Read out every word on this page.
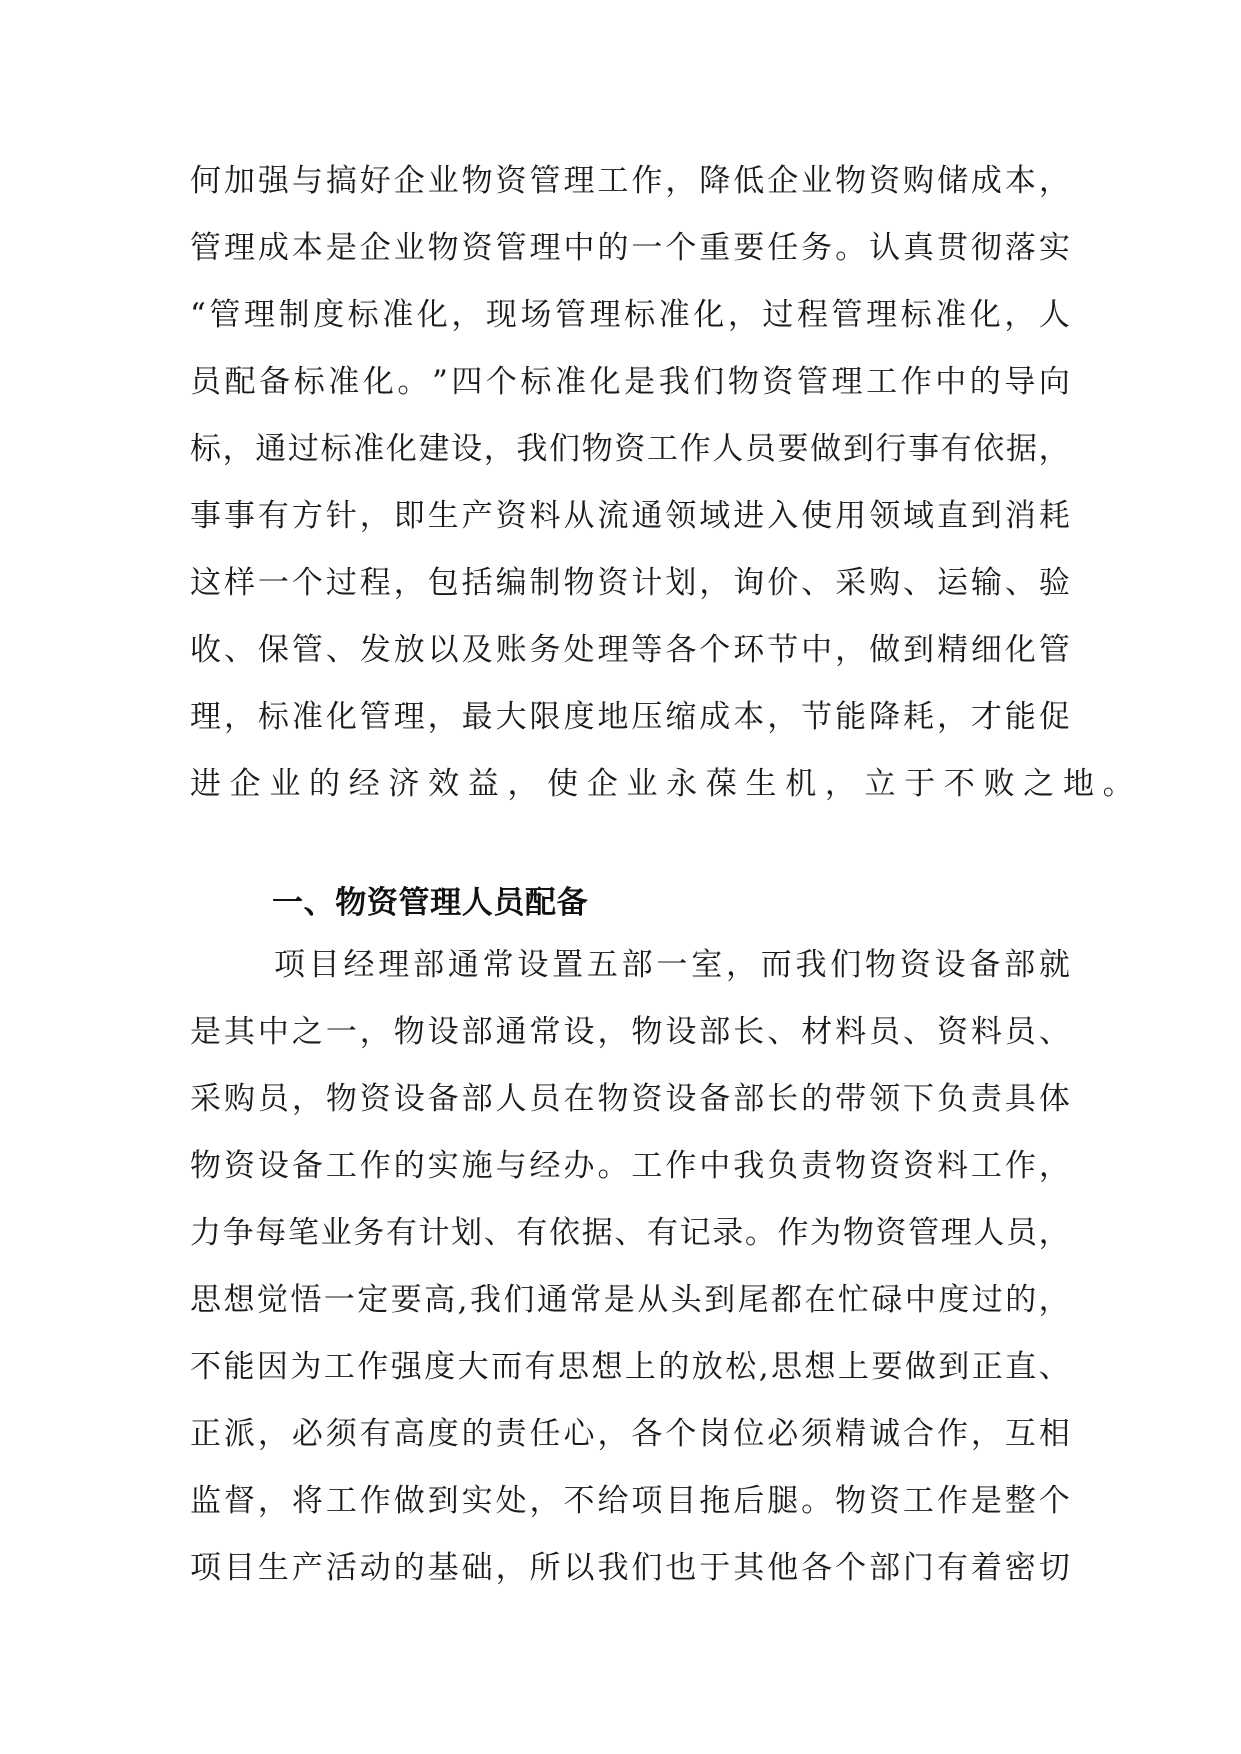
何 加 强 与 搞 好 企 业 物 资 管 理 工 作 ， 降 低 企 业 物 资 购 储 成 本 ，
管 理 成 本 是 企 业 物 资 管 理 中 的 一 个 重 要 任 务 。 认 真 贯 彻 落 实
“ 管 理 制 度 标 准 化 ， 现 场 管 理 标 准 化 ， 过 程 管 理 标 准 化 ， 人
员 配 备 标 准 化 。 ” 四 个 标 准 化 是 我 们 物 资 管 理 工 作 中 的 导 向
标 ， 通 过 标 准 化 建 设 ， 我 们 物 资 工 作 人 员 要 做 到 行 事 有 依 据 ，
事 事 有 方 针 ， 即 生 产 资 料 从 流 通 领 域 进 入 使 用 领 域 直 到 消 耗
这 样 一 个 过 程 ， 包 括 编 制 物 资 计 划 ， 询 价 、 采 购 、 运 输 、 验
收 、 保 管 、 发 放 以 及 账 务 处 理 等 各 个 环 节 中 ， 做 到 精 细 化 管
理 ， 标 准 化 管 理 ， 最 大 限 度 地 压 缩 成 本 ， 节 能 降 耗 ， 才 能 促
进企业的经济效益，使企业永葆生机，立于不败之地。
一、物资管理人员配备
项 目 经 理 部 通 常 设 置 五 部 一 室 ， 而 我 们 物 资 设 备 部 就
是 其 中 之 一 ， 物 设 部 通 常 设 ， 物 设 部 长 、 材 料 员 、 资 料 员 、
采 购 员 ， 物 资 设 备 部 人 员 在 物 资 设 备 部 长 的 带 领 下 负 责 具 体
物 资 设 备 工 作 的 实 施 与 经 办 。 工 作 中 我 负 责 物 资 资 料 工 作 ，
力 争 每 笔 业 务 有 计 划 、 有 依 据 、 有 记 录 。 作 为 物 资 管 理 人 员 ，
思 想 觉 悟 一 定 要 高 , 我 们 通 常 是 从 头 到 尾 都 在 忙 碌 中 度 过 的 ，
不 能 因 为 工 作 强 度 大 而 有 思 想 上 的 放 松 , 思 想 上 要 做 到 正 直 、
正 派 ， 必 须 有 高 度 的 责 任 心 ， 各 个 岗 位 必 须 精 诚 合 作 ， 互 相
监 督 ， 将 工 作 做 到 实 处 ， 不 给 项 目 拖 后 腿 。 物 资 工 作 是 整 个
项 目 生 产 活 动 的 基 础 ， 所 以 我 们 也 于 其 他 各 个 部 门 有 着 密 切
